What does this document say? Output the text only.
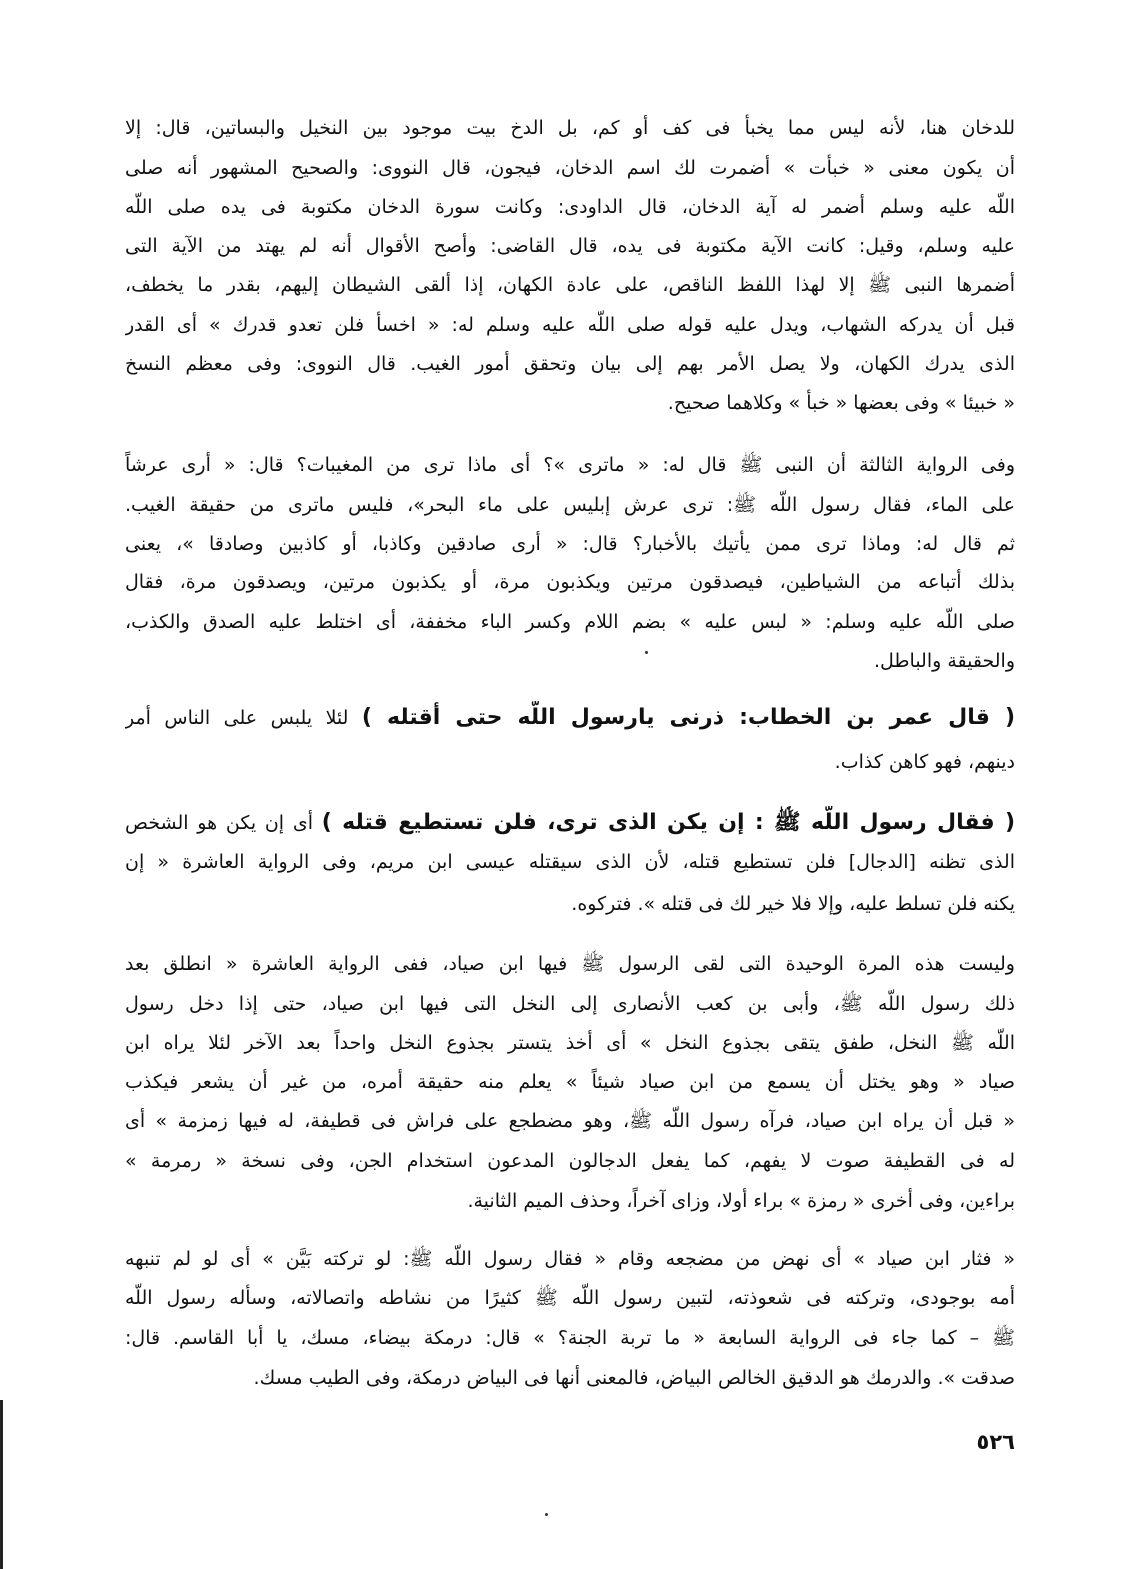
للدخان هنا، لأنه ليس مما يخبأ فى كف أو كم، بل الدخ بيت موجود بين النخيل والبساتين، قال: إلا
أن يكون معنى « خبأت » أضمرت لك اسم الدخان، فيجون، قال النووى: والصحيح المشهور أنه صلى
اللّه عليه وسلم أضمر له آية الدخان، قال الداودى: وكانت سورة الدخان مكتوبة فى يده صلى اللّه
عليه وسلم، وقيل: كانت الآية مكتوبة فى يده، قال القاضى: وأصح الأقوال أنه لم يهتد من الآية التى
أضمرها النبى ﷺ إلا لهذا اللفظ الناقص، على عادة الكهان، إذا ألقى الشيطان إليهم، بقدر ما يخطف،
قبل أن يدركه الشهاب، ويدل عليه قوله صلى اللّه عليه وسلم له: « اخسأ فلن تعدو قدرك » أى القدر
الذى يدرك الكهان، ولا يصل الأمر بهم إلى بيان وتحقق أمور الغيب. قال النووى: وفى معظم النسخ
« خبيئا » وفى بعضها « خبأ » وكلاهما صحيح.
وفى الرواية الثالثة أن النبى ﷺ قال له: « ماترى »؟ أى ماذا ترى من المغيبات؟ قال: « أرى عرشاً
على الماء، فقال رسول اللّه ﷺ: ترى عرش إبليس على ماء البحر»، فليس ماترى من حقيقة الغيب.
ثم قال له: وماذا ترى ممن يأتيك بالأخبار؟ قال: « أرى صادقين وكاذبا، أو كاذبين وصادقا »، يعنى
بذلك أتباعه من الشياطين، فيصدقون مرتين ويكذبون مرة، أو يكذبون مرتين، ويصدقون مرة، فقال
صلى اللّه عليه وسلم: « لبس عليه » بضم اللام وكسر الباء مخففة، أى اختلط عليه الصدق والكذب،
والحقيقة والباطل.
( قال عمر بن الخطاب: ذرنى يارسول اللّه حتى أقتله ) لئلا يلبس على الناس أمر
دينهم، فهو كاهن كذاب.
( فقال رسول اللّه ﷺ : إن يكن الذى ترى، فلن تستطيع قتله ) أى إن يكن هو الشخص
الذى تظنه [الدجال] فلن تستطيع قتله، لأن الذى سيقتله عيسى ابن مريم، وفى الرواية العاشرة « إن
يكنه فلن تسلط عليه، وإلا فلا خير لك فى قتله ». فتركوه.
وليست هذه المرة الوحيدة التى لقى الرسول ﷺ فيها ابن صياد، ففى الرواية العاشرة « انطلق بعد
ذلك رسول اللّه ﷺ، وأبى بن كعب الأنصارى إلى النخل التى فيها ابن صياد، حتى إذا دخل رسول
اللّه ﷺ النخل، طفق يتقى بجذوع النخل » أى أخذ يتستر بجذوع النخل واحداً بعد الآخر لئلا يراه ابن
صياد « وهو يختل أن يسمع من ابن صياد شيئاً » يعلم منه حقيقة أمره، من غير أن يشعر فيكذب
« قبل أن يراه ابن صياد، فرآه رسول اللّه ﷺ، وهو مضطجع على فراش فى قطيفة، له فيها زمزمة » أى
له فى القطيفة صوت لا يفهم، كما يفعل الدجالون المدعون استخدام الجن، وفى نسخة « رمرمة »
براءين، وفى أخرى « رمزة » براء أولا، وزاى آخراً، وحذف الميم الثانية.
« فثار ابن صياد » أى نهض من مضجعه وقام « فقال رسول اللّه ﷺ: لو تركته بَيَّن » أى لو لم تنبهه
أمه بوجودى، وتركته فى شعوذته، لتبين رسول اللّه ﷺ كثيرًا من نشاطه واتصالاته، وسأله رسول اللّه
ﷺ – كما جاء فى الرواية السابعة « ما تربة الجنة؟ » قال: درمكة بيضاء، مسك، يا أبا القاسم. قال:
صدقت ». والدرمك هو الدقيق الخالص البياض، فالمعنى أنها فى البياض درمكة، وفى الطيب مسك.
٥٢٦
